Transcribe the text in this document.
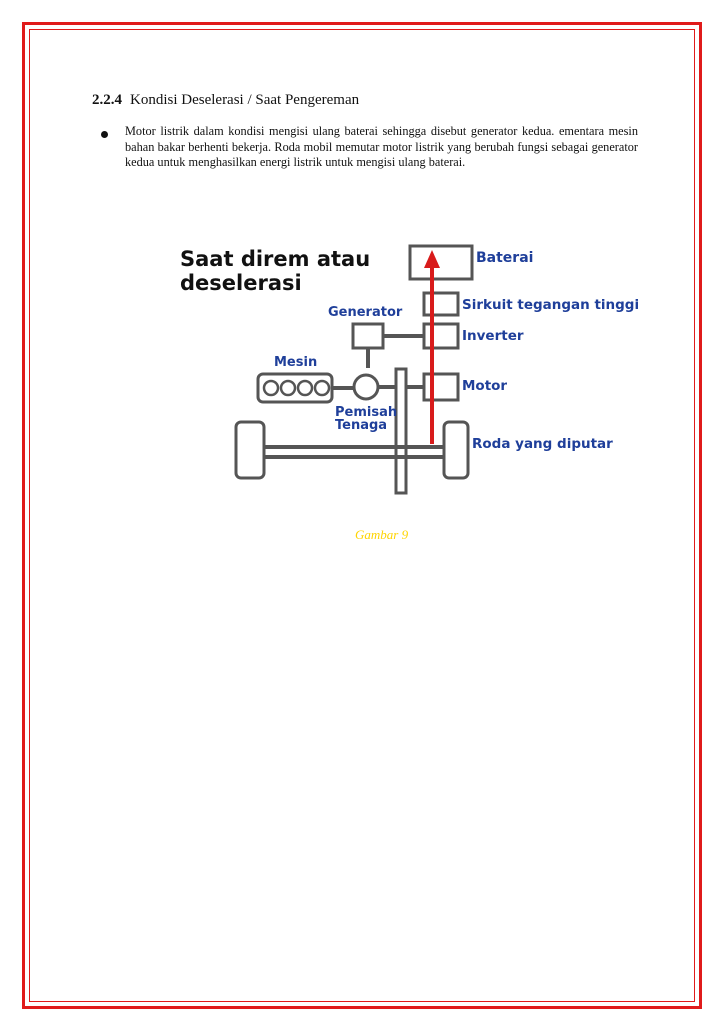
2.2.4 Kondisi Deselerasi / Saat Pengereman

Motor listrik dalam kondisi mengisi ulang baterai sehingga disebut generator kedua. ementara mesin bahan bakar berhenti bekerja. Roda mobil memutar motor listrik yang berubah fungsi sebagai generator kedua untuk menghasilkan energi listrik untuk mengisi ulang baterai.

Saat direm atau
deselerasi
Baterai
Sirkuit tegangan tinggi
Generator
Inverter
Mesin
Motor
Pemisah
Tenaga
Roda yang diputar
Gambar 9
